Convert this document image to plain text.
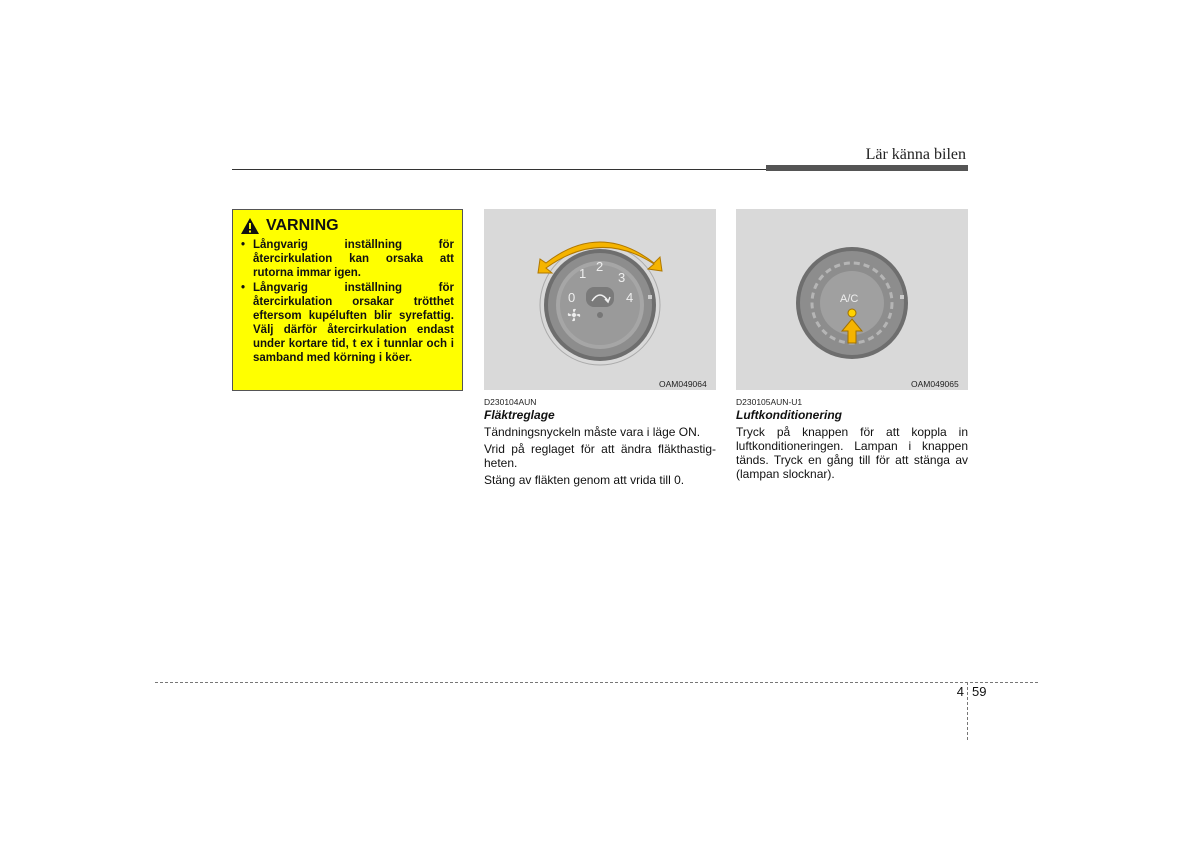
Lär känna bilen
VARNING
• Långvarig inställning för återcirkulation kan orsaka att rutorna immar igen.
• Långvarig inställning för återcirkulation orsakar trötthet eftersom kupéluften blir syrefattig. Välj därför återcirkulation endast under kortare tid, t ex i tunnlar och i samband med körning i köer.
0
1 2
3
4
OAM049064
A/C
OAM049065
D230104AUN
Fläktreglage

Tändningsnyckeln måste vara i läge ON.

Vrid på reglaget för att ändra fläkthastig-heten.

Stäng av fläkten genom att vrida till 0.

D230105AUN-U1
Luftkonditionering

Tryck på knappen för att koppla in luftkonditioneringen. Lampan i knappen tänds. Tryck en gång till för att stänga av (lampan slocknar).

4 59
